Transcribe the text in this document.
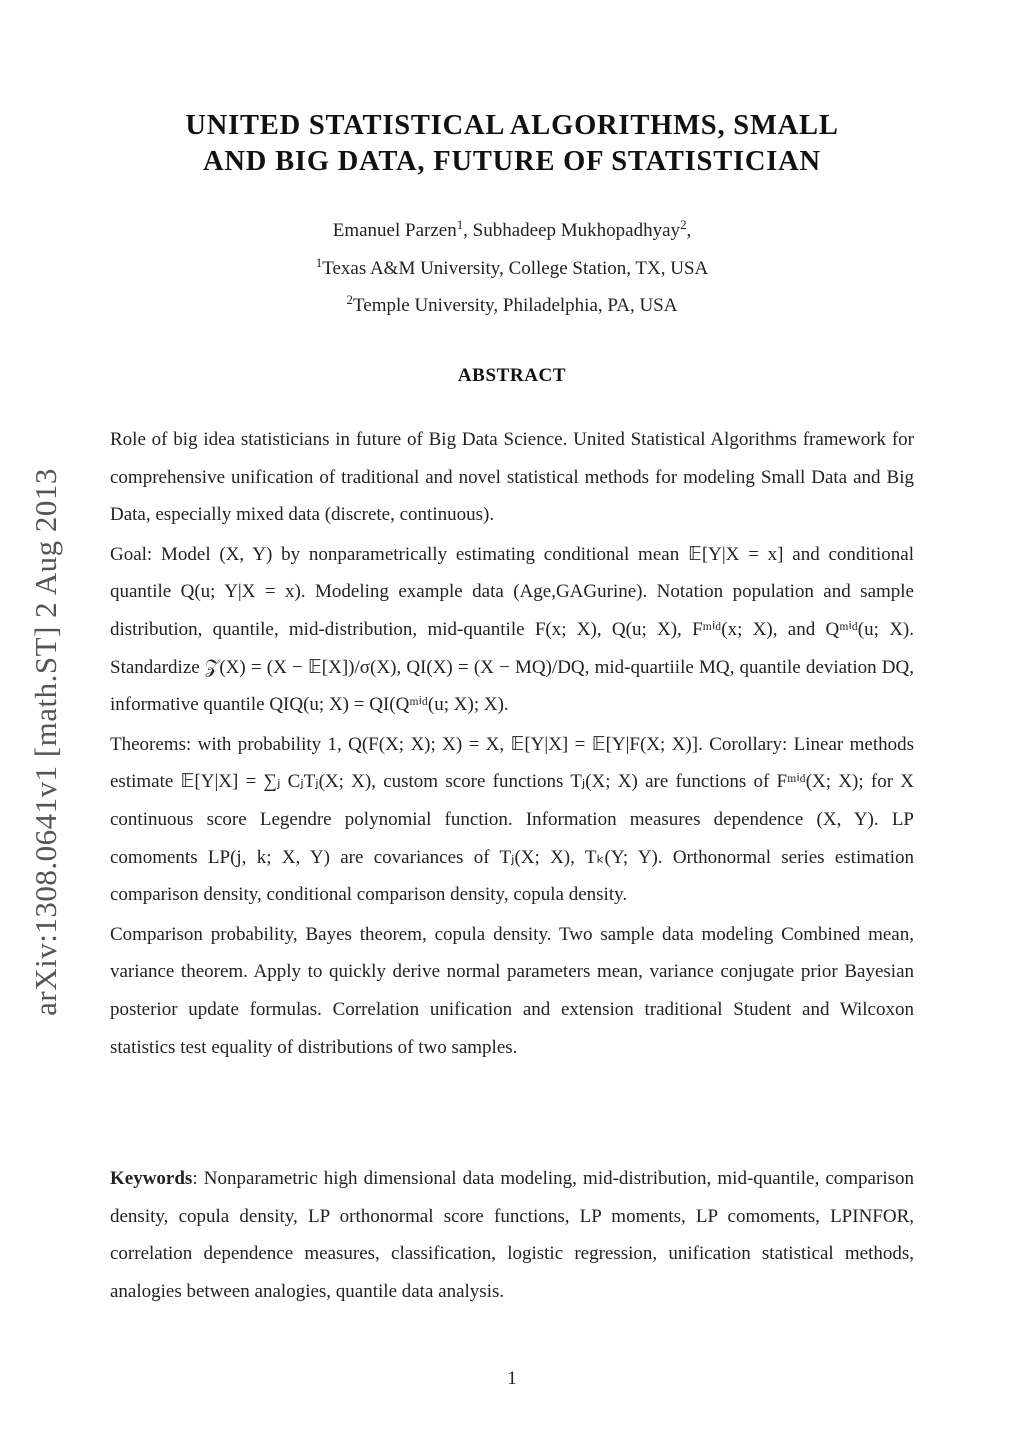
arXiv:1308.0641v1 [math.ST] 2 Aug 2013
UNITED STATISTICAL ALGORITHMS, SMALL
AND BIG DATA, FUTURE OF STATISTICIAN
Emanuel Parzen$^1$, Subhadeep Mukhopadhyay$^2$,
$^1$Texas A&M University, College Station, TX, USA
$^2$Temple University, Philadelphia, PA, USA
ABSTRACT

Role of big idea statisticians in future of Big Data Science. United Statistical Algorithms framework for comprehensive unification of traditional and novel statistical methods for modeling Small Data and Big Data, especially mixed data (discrete, continuous).

Goal: Model (X, Y) by nonparametrically estimating conditional mean 𝔼[Y|X = x] and conditional quantile Q(u; Y|X = x). Modeling example data (Age,GAGurine). Notation population and sample distribution, quantile, mid-distribution, mid-quantile F(x; X), Q(u; X), Fᵐⁱᵈ(x; X), and Qᵐⁱᵈ(u; X). Standardize 𝒵(X) = (X − 𝔼[X])/σ(X), QI(X) = (X − MQ)/DQ, mid-quartiile MQ, quantile deviation DQ, informative quantile QIQ(u; X) = QI(Qᵐⁱᵈ(u; X); X).

Theorems: with probability 1, Q(F(X; X); X) = X, 𝔼[Y|X] = 𝔼[Y|F(X; X)]. Corollary: Linear methods estimate 𝔼[Y|X] = ∑ⱼ CⱼTⱼ(X; X), custom score functions Tⱼ(X; X) are functions of Fᵐⁱᵈ(X; X); for X continuous score Legendre polynomial function. Information measures dependence (X, Y). LP comoments LP(j, k; X, Y) are covariances of Tⱼ(X; X), Tₖ(Y; Y). Orthonormal series estimation comparison density, conditional comparison density, copula density.

Comparison probability, Bayes theorem, copula density. Two sample data modeling Combined mean, variance theorem. Apply to quickly derive normal parameters mean, variance conjugate prior Bayesian posterior update formulas. Correlation unification and extension traditional Student and Wilcoxon statistics test equality of distributions of two samples.

Keywords: Nonparametric high dimensional data modeling, mid-distribution, mid-quantile, comparison density, copula density, LP orthonormal score functions, LP moments, LP comoments, LPINFOR, correlation dependence measures, classification, logistic regression, unification statistical methods, analogies between analogies, quantile data analysis.

1
